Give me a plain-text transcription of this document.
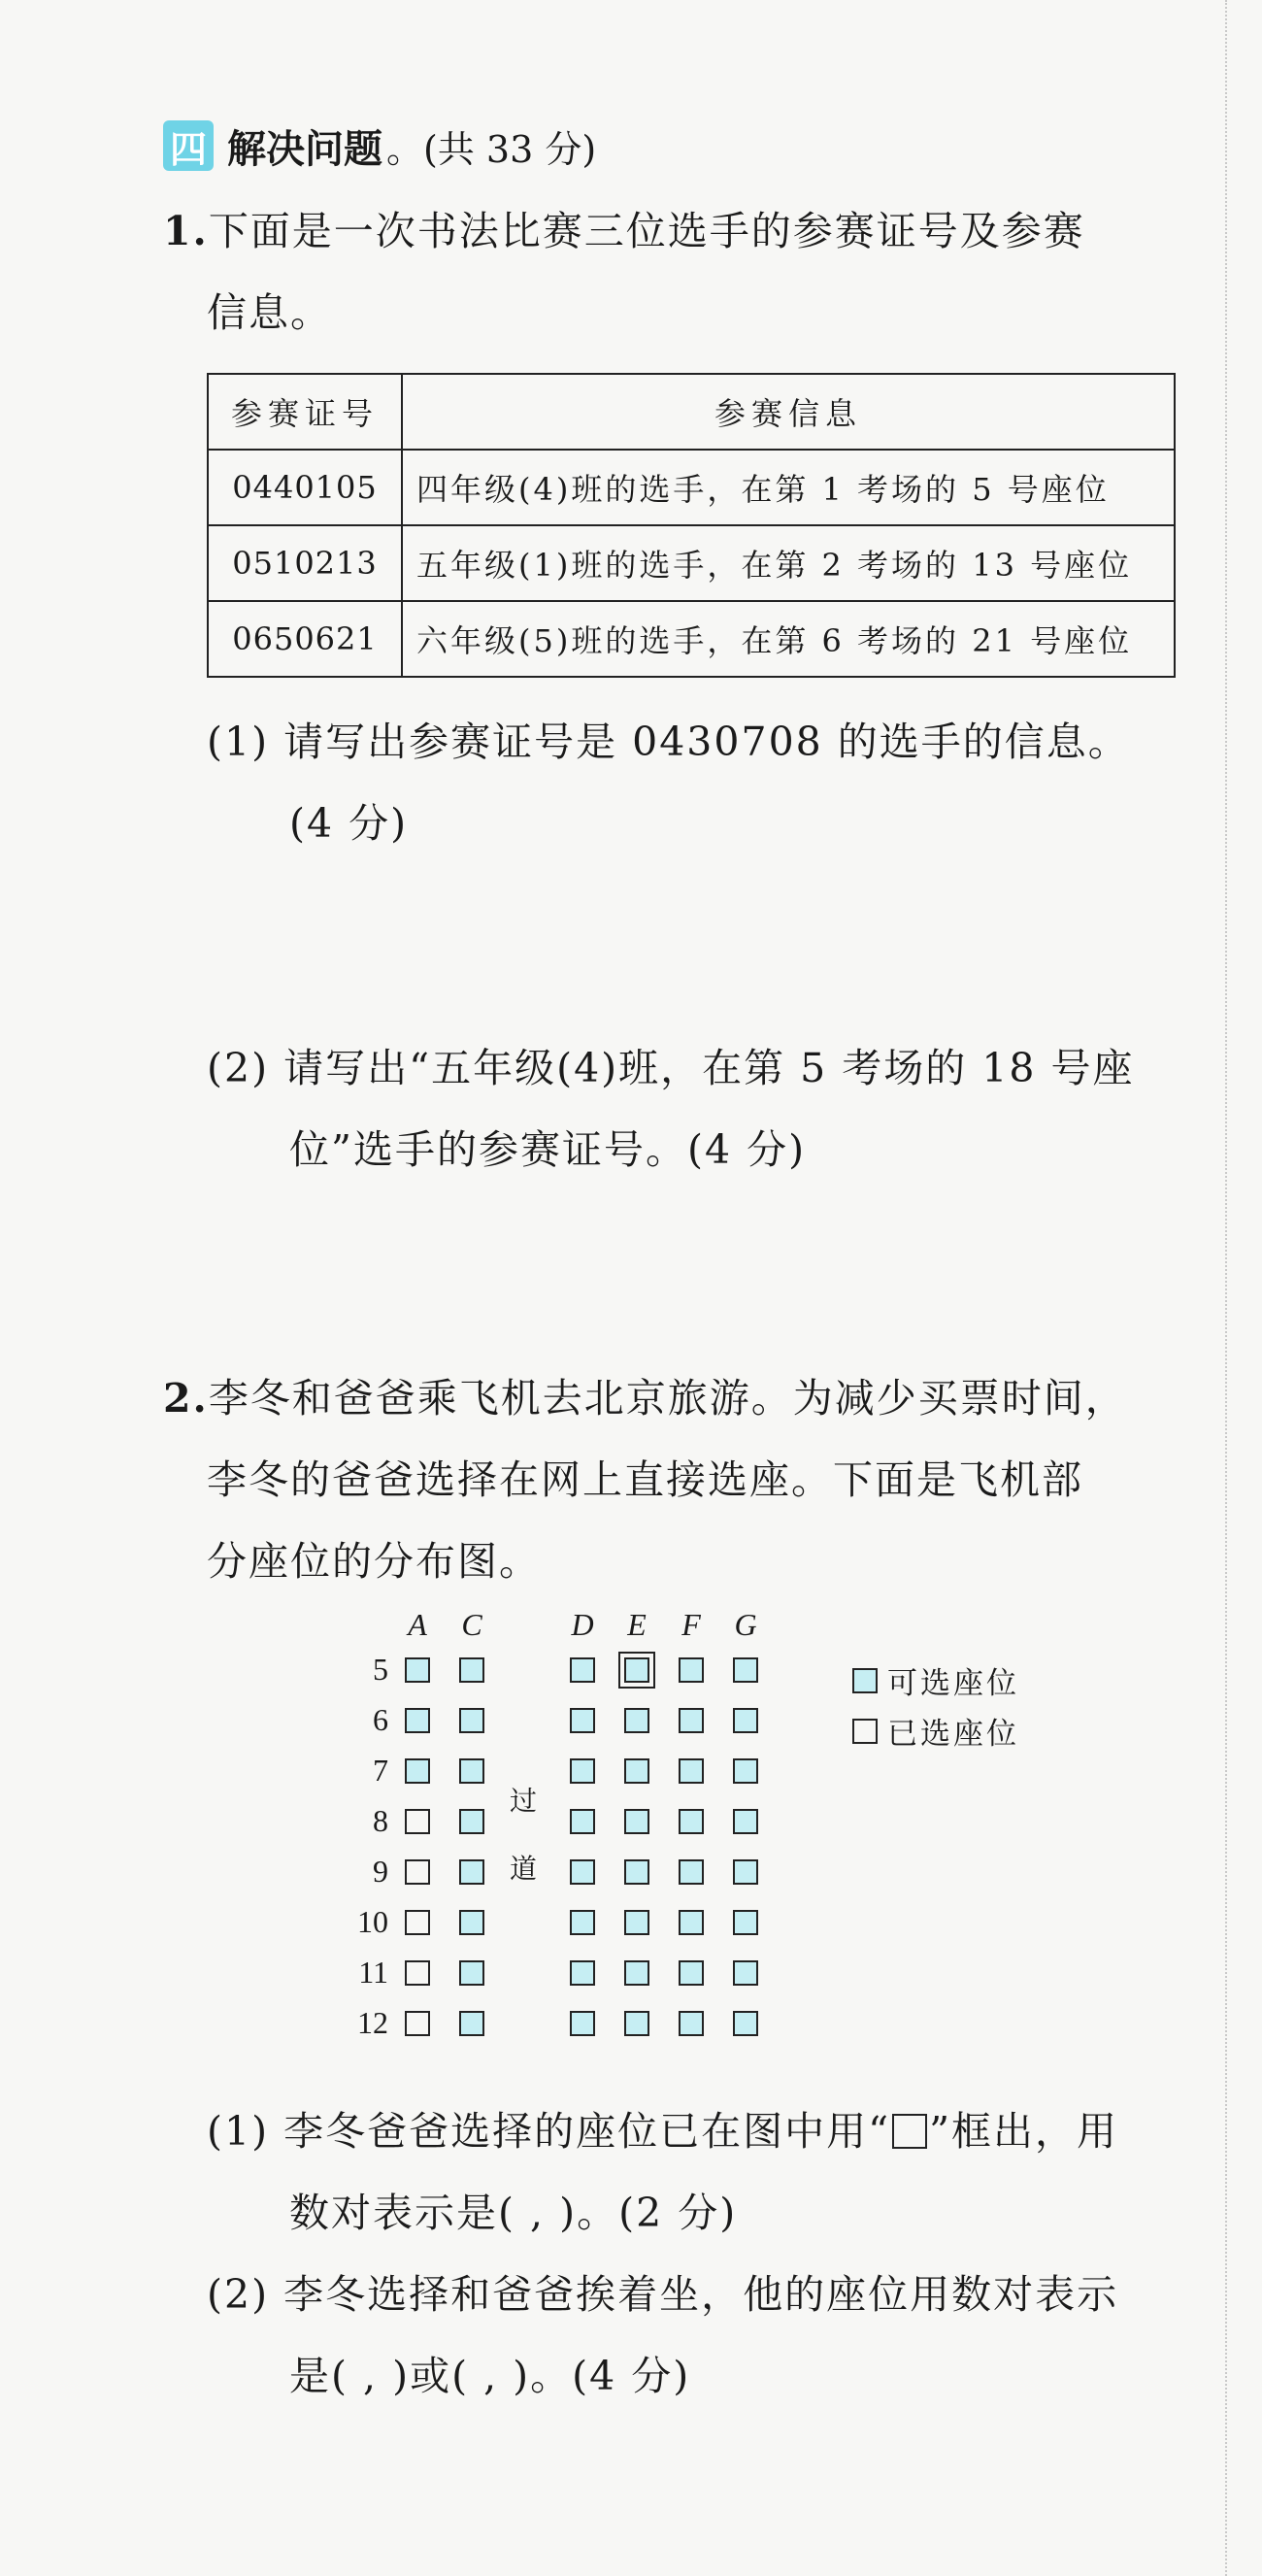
四 解决问题 。(共 33 分)
1.下面是一次书法比赛三位选手的参赛证号及参赛
信息。
参赛证号	参赛信息
0440105	四年级(4)班的选手，在第 1 考场的 5 号座位
0510213	五年级(1)班的选手，在第 2 考场的 13 号座位
0650621	六年级(5)班的选手，在第 6 考场的 21 号座位
(1) 请写出参赛证号是 0430708 的选手的信息。
(4 分)
(2) 请写出“五年级(4)班，在第 5 考场的 18 号座
位”选手的参赛证号。(4 分)
2.李冬和爸爸乘飞机去北京旅游。为减少买票时间，
李冬的爸爸选择在网上直接选座。下面是飞机部
分座位的分布图。
A	C	D	E	F	G
过
道
5
6
7
8
9
10
11
12
可选座位
已选座位
(1) 李冬爸爸选择的座位已在图中用“ ”框出，用
数对表示是( , )。(2 分)
(2) 李冬选择和爸爸挨着坐，他的座位用数对表示
是( , )或( , )。(4 分)
